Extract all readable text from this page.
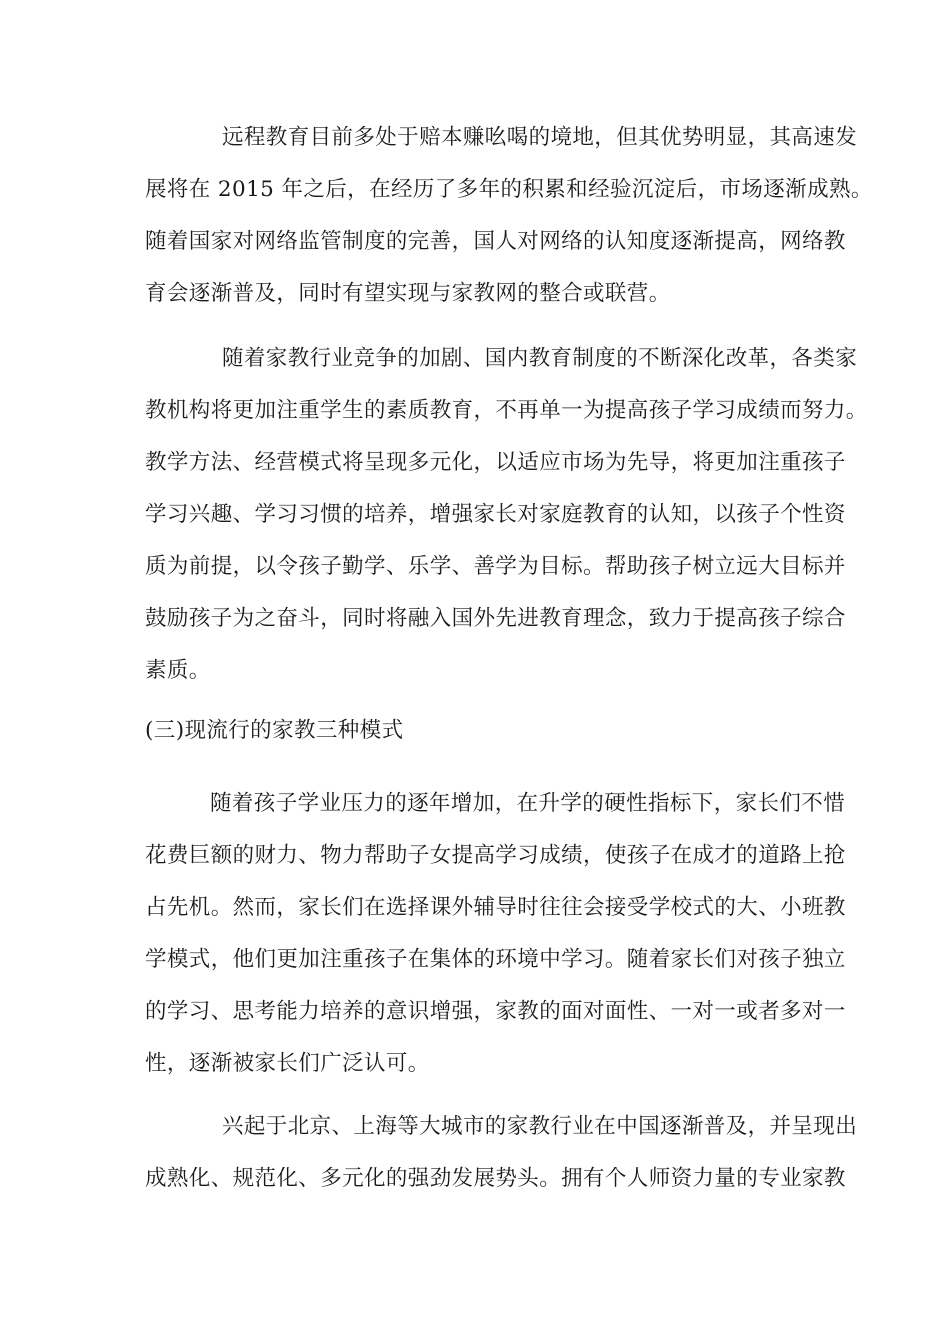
远程教育目前多处于赔本赚吆喝的境地，但其优势明显，其高速发
展将在 2015 年之后，在经历了多年的积累和经验沉淀后，市场逐渐成熟。
随着国家对网络监管制度的完善，国人对网络的认知度逐渐提高，网络教
育会逐渐普及，同时有望实现与家教网的整合或联营。
随着家教行业竞争的加剧、国内教育制度的不断深化改革，各类家
教机构将更加注重学生的素质教育，不再单一为提高孩子学习成绩而努力。
教学方法、经营模式将呈现多元化，以适应市场为先导，将更加注重孩子
学习兴趣、学习习惯的培养，增强家长对家庭教育的认知，以孩子个性资
质为前提，以令孩子勤学、乐学、善学为目标。帮助孩子树立远大目标并
鼓励孩子为之奋斗，同时将融入国外先进教育理念，致力于提高孩子综合
素质。
(三)现流行的家教三种模式
随着孩子学业压力的逐年增加，在升学的硬性指标下，家长们不惜
花费巨额的财力、物力帮助子女提高学习成绩，使孩子在成才的道路上抢
占先机。然而，家长们在选择课外辅导时往往会接受学校式的大、小班教
学模式，他们更加注重孩子在集体的环境中学习。随着家长们对孩子独立
的学习、思考能力培养的意识增强，家教的面对面性、一对一或者多对一
性，逐渐被家长们广泛认可。
兴起于北京、上海等大城市的家教行业在中国逐渐普及，并呈现出
成熟化、规范化、多元化的强劲发展势头。拥有个人师资力量的专业家教
